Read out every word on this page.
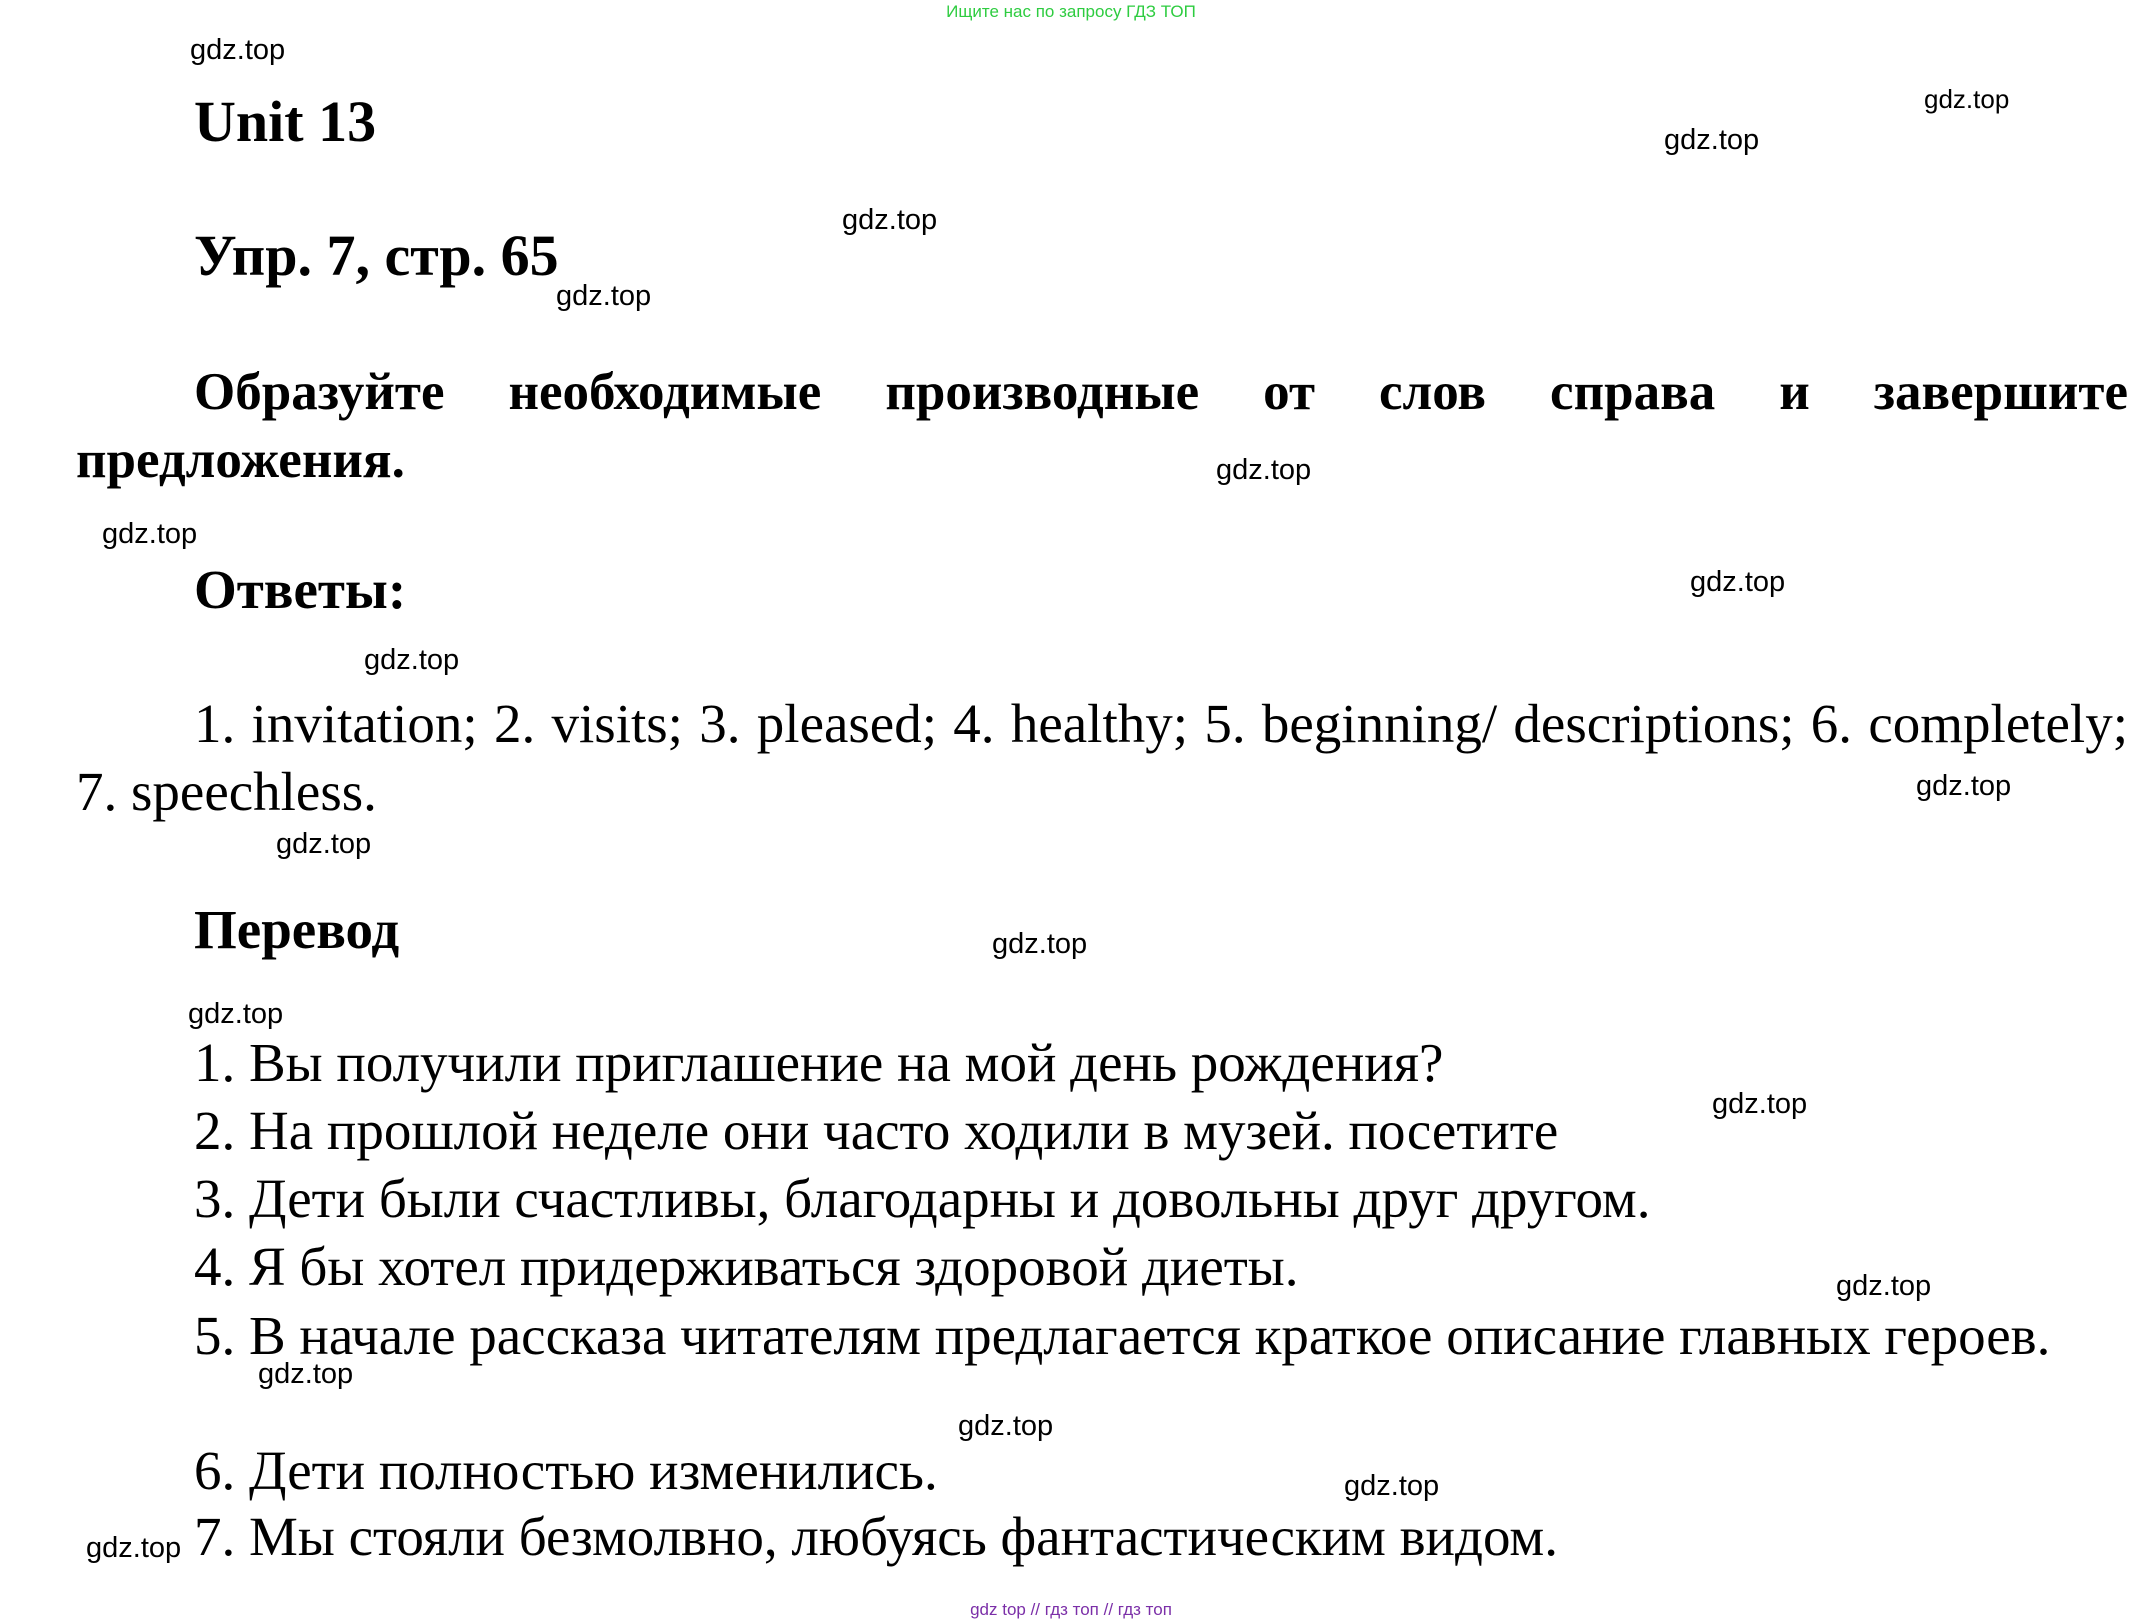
Ищите нас по запросу ГДЗ ТОП
gdz.top
gdz.top
gdz.top
gdz.top
gdz.top
gdz.top
gdz.top
gdz.top
gdz.top
gdz.top
gdz.top
gdz.top
gdz.top
gdz.top
gdz.top
gdz.top
gdz.top
gdz.top
gdz.top
Unit 13
Упр. 7, стр. 65
Образуйте необходимые производные от слов справа и завершите предложения.
Ответы:
1. invitation; 2. visits; 3. pleased; 4. healthy; 5. beginning/ descriptions; 6. completely; 7. speechless.
Перевод
1. Вы получили приглашение на мой день рождения?
2. На прошлой неделе они часто ходили в музей. посетите
3. Дети были счастливы, благодарны и довольны друг другом.
4. Я бы хотел придерживаться здоровой диеты.
5. В начале рассказа читателям предлагается краткое описание главных героев.
6. Дети полностью изменились.
7. Мы стояли безмолвно, любуясь фантастическим видом.
gdz top // гдз топ // гдз топ
